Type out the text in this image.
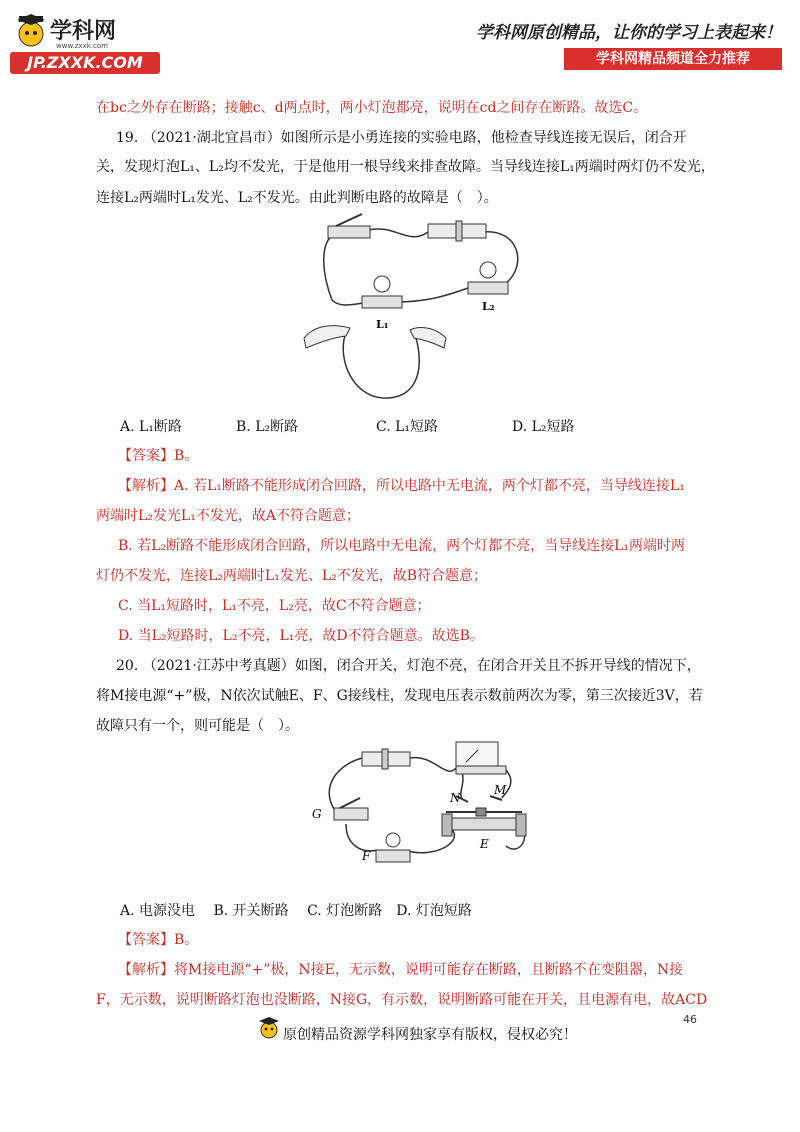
学科网
www.zxxk.com
JP.ZXXK.COM
学科网原创精品，让你的学习上表起来！
学科网精品频道全力推荐
在bc之外存在断路；接触c、d两点时，两小灯泡都亮，说明在cd之间存在断路。故选C。
19. （2021·湖北宜昌市）如图所示是小勇连接的实验电路，他检查导线连接无误后，闭合开
关，发现灯泡L₁、L₂均不发光，于是他用一根导线来排查故障。当导线连接L₁两端时两灯仍不发光，
连接L₂两端时L₁发光、L₂不发光。由此判断电路的故障是（　）。
L₁
L₂
A. L₁断路	B. L₂断路	C. L₁短路	D. L₂短路
【答案】B。
【解析】A. 若L₁断路不能形成闭合回路，所以电路中无电流，两个灯都不亮，当导线连接L₁
两端时L₂发光L₁不发光，故A不符合题意；
B. 若L₂断路不能形成闭合回路，所以电路中无电流，两个灯都不亮，当导线连接L₁两端时两
灯仍不发光，连接L₂两端时L₁发光、L₂不发光，故B符合题意；
C. 当L₁短路时，L₁不亮，L₂亮，故C不符合题意；
D. 当L₂短路时，L₂不亮，L₁亮，故D不符合题意。故选B。
20. （2021·江苏中考真题）如图，闭合开关，灯泡不亮，在闭合开关且不拆开导线的情况下，
将M接电源“+”极，N依次试触E、F、G接线柱，发现电压表示数前两次为零，第三次接近3V，若
故障只有一个，则可能是（　）。
G
F
E
N
M
A. 电源没电　 B. 开关断路　 C. 灯泡断路　D. 灯泡短路
【答案】B。
【解析】将M接电源“+”极，N接E，无示数，说明可能存在断路，且断路不在变阻器，N接
F，无示数，说明断路灯泡也没断路，N接G，有示数，说明断路可能在开关，且电源有电，故ACD
46
原创精品资源学科网独家享有版权，侵权必究！
